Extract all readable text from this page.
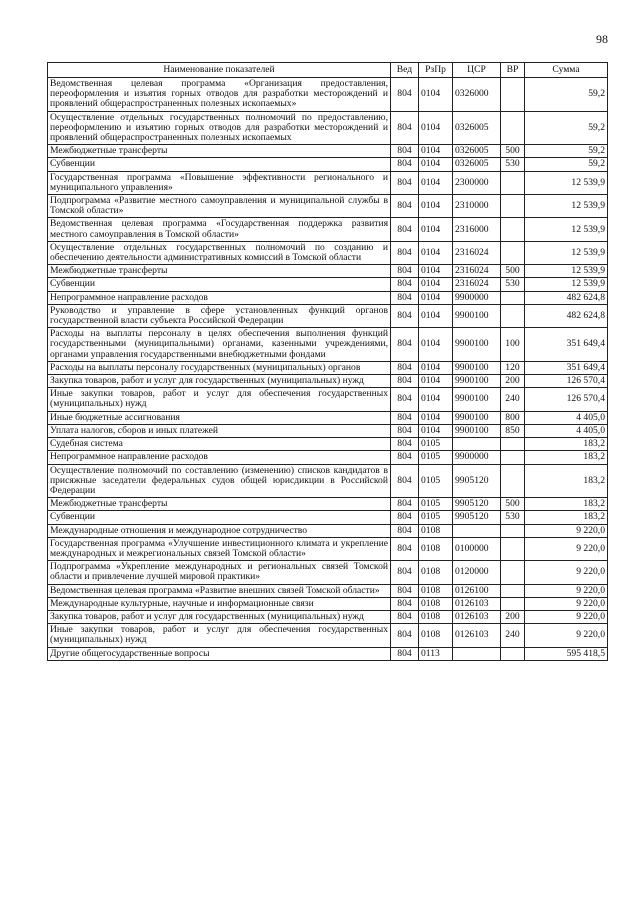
98
Наименование показателей	Вед	РзПр	ЦСР	ВР	Сумма
Ведомственная целевая программа «Организация предоставления, переоформления и изъятия горных отводов для разработки месторождений и проявлений общераспространенных полезных ископаемых»	804	0104	0326000		59,2
Осуществление отдельных государственных полномочий по предоставлению, переоформлению и изъятию горных отводов для разработки месторождений и проявлений общераспространенных полезных ископаемых	804	0104	0326005		59,2
Межбюджетные трансферты	804	0104	0326005	500	59,2
Субвенции	804	0104	0326005	530	59,2
Государственная программа «Повышение эффективности регионального и муниципального управления»	804	0104	2300000		12 539,9
Подпрограмма «Развитие местного самоуправления и муниципальной службы в Томской области»	804	0104	2310000		12 539,9
Ведомственная целевая программа «Государственная поддержка развития местного самоуправления в Томской области»	804	0104	2316000		12 539,9
Осуществление отдельных государственных полномочий по созданию и обеспечению деятельности административных комиссий в Томской области	804	0104	2316024		12 539,9
Межбюджетные трансферты	804	0104	2316024	500	12 539,9
Субвенции	804	0104	2316024	530	12 539,9
Непрограммное направление расходов	804	0104	9900000		482 624,8
Руководство и управление в сфере установленных функций органов государственной власти субъекта Российской Федерации	804	0104	9900100		482 624,8
Расходы на выплаты персоналу в целях обеспечения выполнения функций государственными (муниципальными) органами, казенными учреждениями, органами управления государственными внебюджетными фондами	804	0104	9900100	100	351 649,4
Расходы на выплаты персоналу государственных (муниципальных) органов	804	0104	9900100	120	351 649,4
Закупка товаров, работ и услуг для государственных (муниципальных) нужд	804	0104	9900100	200	126 570,4
Иные закупки товаров, работ и услуг для обеспечения государственных (муниципальных) нужд	804	0104	9900100	240	126 570,4
Иные бюджетные ассигнования	804	0104	9900100	800	4 405,0
Уплата налогов, сборов и иных платежей	804	0104	9900100	850	4 405,0
Судебная система	804	0105			183,2
Непрограммное направление расходов	804	0105	9900000		183,2
Осуществление полномочий по составлению (изменению) списков кандидатов в присяжные заседатели федеральных судов общей юрисдикции в Российской Федерации	804	0105	9905120		183,2
Межбюджетные трансферты	804	0105	9905120	500	183,2
Субвенции	804	0105	9905120	530	183,2
Международные отношения и международное сотрудничество	804	0108			9 220,0
Государственная программа «Улучшение инвестиционного климата и укрепление международных и межрегиональных связей Томской области»	804	0108	0100000		9 220,0
Подпрограмма «Укрепление международных и региональных связей Томской области и привлечение лучшей мировой практики»	804	0108	0120000		9 220,0
Ведомственная целевая программа «Развитие внешних связей Томской области»	804	0108	0126100		9 220,0
Международные культурные, научные и информационные связи	804	0108	0126103		9 220,0
Закупка товаров, работ и услуг для государственных (муниципальных) нужд	804	0108	0126103	200	9 220,0
Иные закупки товаров, работ и услуг для обеспечения государственных (муниципальных) нужд	804	0108	0126103	240	9 220,0
Другие общегосударственные вопросы	804	0113			595 418,5
